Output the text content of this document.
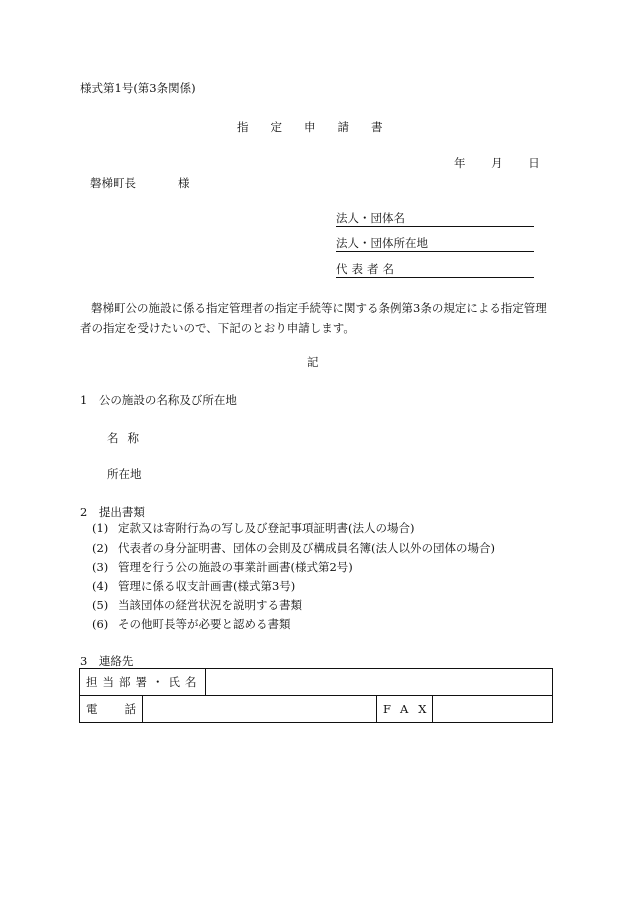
様式第1号(第3条関係)
指定申請書
年 月 日
磐梯町長	様
法人・団体名
法人・団体所在地
代表者名
磐梯町公の施設に係る指定管理者の指定手続等に関する条例第3条の規定による指定管理者の指定を受けたいので、下記のとおり申請します。
記
1　公の施設の名称及び所在地
名称
所在地
2　提出書類
(1) 定款又は寄附行為の写し及び登記事項証明書(法人の場合)
(2) 代表者の身分証明書、団体の会則及び構成員名簿(法人以外の団体の場合)
(3) 管理を行う公の施設の事業計画書(様式第2号)
(4) 管理に係る収支計画書(様式第3号)
(5) 当該団体の経営状況を説明する書類
(6) その他町長等が必要と認める書類
3　連絡先
担当部署・氏名				
電話			FAX	
